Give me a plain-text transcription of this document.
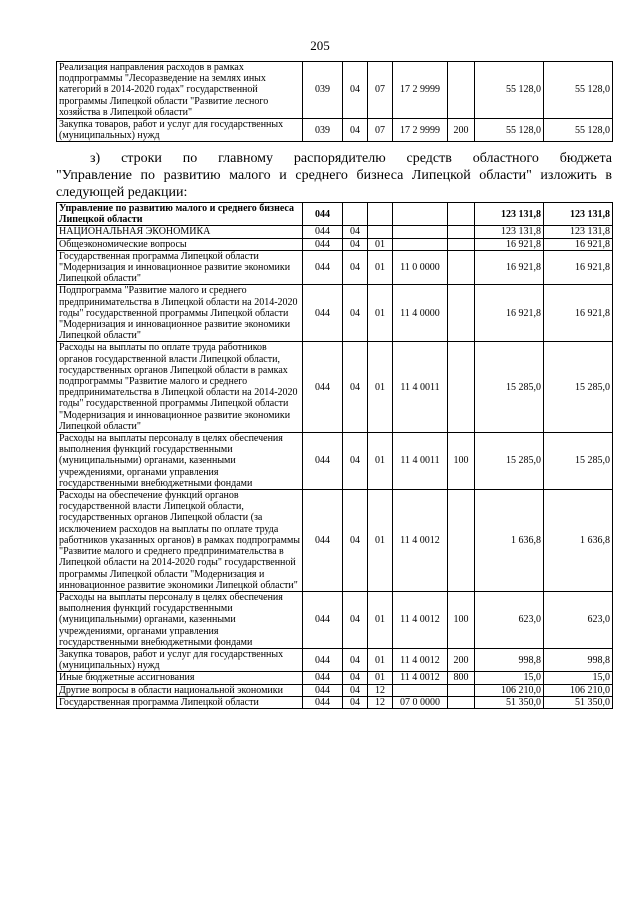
205
Реализация направления расходов в рамках подпрограммы "Лесоразведение на землях иных категорий в 2014-2020 годах" государственной программы Липецкой области "Развитие лесного хозяйства в Липецкой области"	039	04	07	17 2 9999		55 128,0	55 128,0
Закупка товаров, работ и услуг для государственных (муниципальных) нужд	039	04	07	17 2 9999	200	55 128,0	55 128,0
з) строки по главному распорядителю средств областного бюджета
"Управление по развитию малого и среднего бизнеса Липецкой области" изложить в следующей редакции:
Управление по развитию малого и среднего бизнеса Липецкой области	044					123 131,8	123 131,8
НАЦИОНАЛЬНАЯ ЭКОНОМИКА	044	04				123 131,8	123 131,8
Общеэкономические вопросы	044	04	01			16 921,8	16 921,8
Государственная программа Липецкой области "Модернизация и инновационное развитие экономики Липецкой области"	044	04	01	11 0 0000		16 921,8	16 921,8
Подпрограмма "Развитие малого и среднего предпринимательства в Липецкой области на 2014-2020 годы" государственной программы Липецкой области "Модернизация и инновационное развитие экономики Липецкой области"	044	04	01	11 4 0000		16 921,8	16 921,8
Расходы на выплаты по оплате труда работников органов государственной власти Липецкой области, государственных органов Липецкой области в рамках подпрограммы "Развитие малого и среднего предпринимательства в Липецкой области на 2014-2020 годы" государственной программы Липецкой области "Модернизация и инновационное развитие экономики Липецкой области"	044	04	01	11 4 0011		15 285,0	15 285,0
Расходы на выплаты персоналу в целях обеспечения выполнения функций государственными (муниципальными) органами, казенными учреждениями, органами управления государственными внебюджетными фондами	044	04	01	11 4 0011	100	15 285,0	15 285,0
Расходы на обеспечение функций органов государственной власти Липецкой области, государственных органов Липецкой области (за исключением расходов на выплаты по оплате труда работников указанных органов) в рамках подпрограммы "Развитие малого и среднего предпринимательства в Липецкой области на 2014-2020 годы" государственной программы Липецкой области "Модернизация и инновационное развитие экономики Липецкой области"	044	04	01	11 4 0012		1 636,8	1 636,8
Расходы на выплаты персоналу в целях обеспечения выполнения функций государственными (муниципальными) органами, казенными учреждениями, органами управления государственными внебюджетными фондами	044	04	01	11 4 0012	100	623,0	623,0
Закупка товаров, работ и услуг для государственных (муниципальных) нужд	044	04	01	11 4 0012	200	998,8	998,8
Иные бюджетные ассигнования	044	04	01	11 4 0012	800	15,0	15,0
Другие вопросы в области национальной экономики	044	04	12			106 210,0	106 210,0
Государственная программа Липецкой области	044	04	12	07 0 0000		51 350,0	51 350,0
